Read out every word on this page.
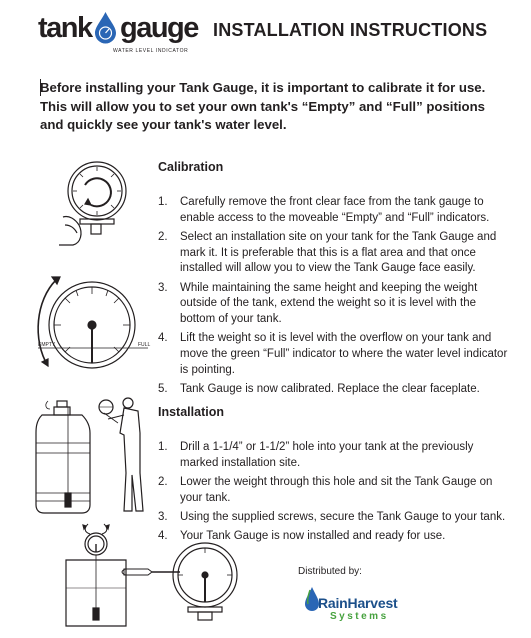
tank gauge
WATER LEVEL INDICATOR
INSTALLATION INSTRUCTIONS
Before installing your Tank Gauge, it is important to calibrate it for use. This will allow you to set your own tank's “Empty” and “Full” positions and quickly see your tank's water level.
Calibration
1. Carefully remove the front clear face from the tank gauge to enable access to the moveable “Empty” and “Full” indicators.
2. Select an installation site on your tank for the Tank Gauge and mark it. It is preferable that this is a flat area and that once installed will allow you to view the Tank Gauge face easily.
3. While maintaining the same height and keeping the weight outside of the tank, extend the weight so it is level with the bottom of your tank.
4. Lift the weight so it is level with the overflow on your tank and move the green “Full” indicator to where the water level indicator is pointing.
5. Tank Gauge is now calibrated. Replace the clear faceplate.
Installation
1. Drill a 1-1/4” or 1-1/2” hole into your tank at the previously marked installation site.
2. Lower the weight through this hole and sit the Tank Gauge on your tank.
3. Using the supplied screws, secure the Tank Gauge to your tank.
4. Your Tank Gauge is now installed and ready for use.
EMPTY	FULL
Distributed by:
RainHarvest
Systems
